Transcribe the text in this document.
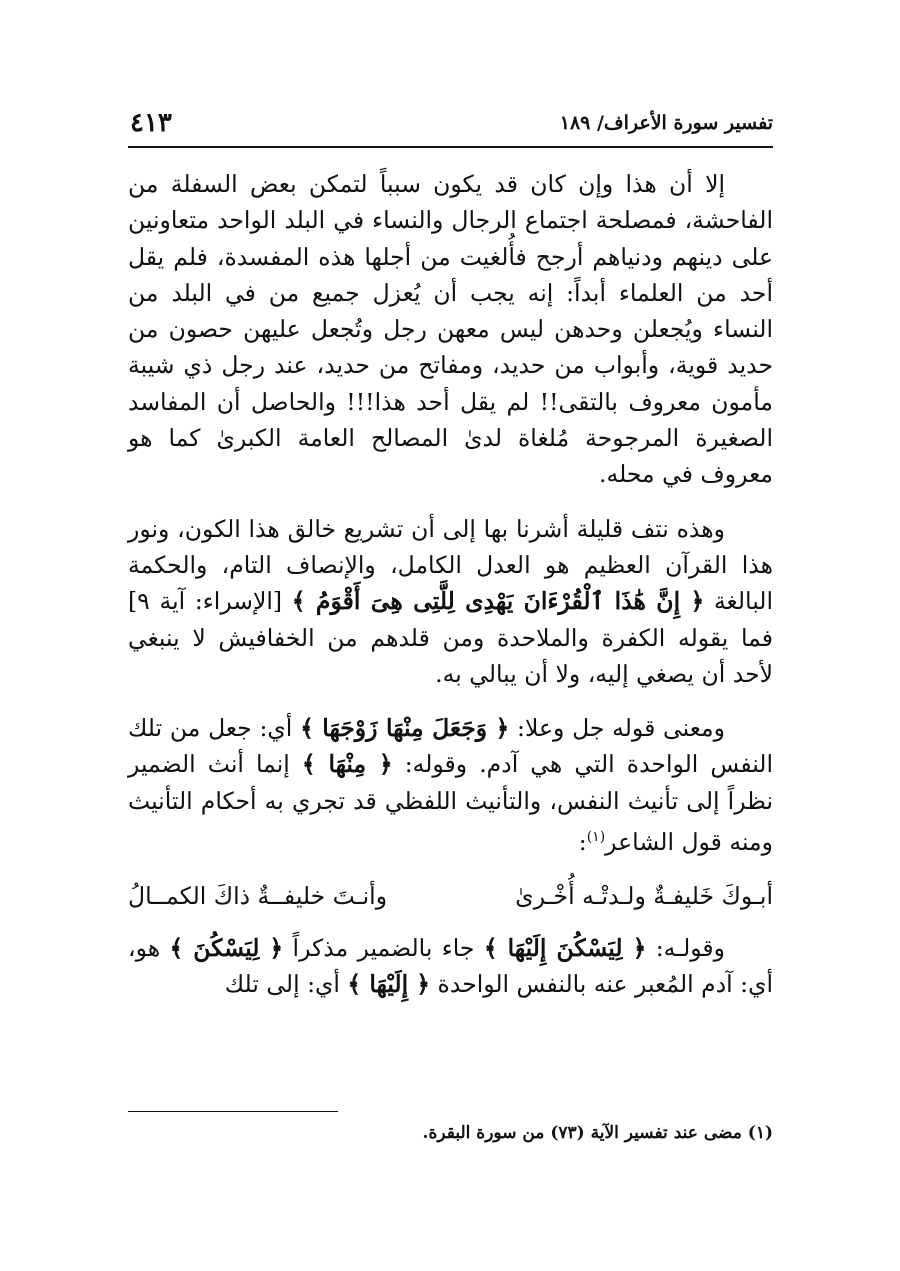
تفسير سورة الأعراف/ ١٨٩
٤١٣

إلا أن هذا وإن كان قد يكون سبباً لتمكن بعض السفلة من الفاحشة، فمصلحة اجتماع الرجال والنساء في البلد الواحد متعاونين على دينهم ودنياهم أرجح فأُلغيت من أجلها هذه المفسدة، فلم يقل أحد من العلماء أبداً: إنه يجب أن يُعزل جميع من في البلد من النساء ويُجعلن وحدهن ليس معهن رجل وتُجعل عليهن حصون من حديد قوية، وأبواب من حديد، ومفاتح من حديد، عند رجل ذي شيبة مأمون معروف بالتقى!! لم يقل أحد هذا!!! والحاصل أن المفاسد الصغيرة المرجوحة مُلغاة لدىٰ المصالح العامة الكبرىٰ كما هو معروف في محله.

وهذه نتف قليلة أشرنا بها إلى أن تشريع خالق هذا الكون، ونور هذا القرآن العظيم هو العدل الكامل، والإنصاف التام، والحكمة البالغة ﴿ إِنَّ هَٰذَا ٱلْقُرْءَانَ يَهْدِى لِلَّتِى هِىَ أَقْوَمُ ﴾ [الإسراء: آية ٩] فما يقوله الكفرة والملاحدة ومن قلدهم من الخفافيش لا ينبغي لأحد أن يصغي إليه، ولا أن يبالي به.

ومعنى قوله جل وعلا: ﴿ وَجَعَلَ مِنْهَا زَوْجَهَا ﴾ أي: جعل من تلك النفس الواحدة التي هي آدم. وقوله: ﴿ مِنْهَا ﴾ إنما أنث الضمير نظراً إلى تأنيث النفس، والتأنيث اللفظي قد تجري به أحكام التأنيث ومنه قول الشاعر$^{(١)}$:

أبـوكَ خَليفـةٌ ولـدتْـه أُخْـرىٰ
وأنـتَ خليفــةٌ ذاكَ الكمــالُ

وقولـه: ﴿ لِيَسْكُنَ إِلَيْهَا ﴾ جاء بالضمير مذكراً ﴿ لِيَسْكُنَ ﴾ هو، أي: آدم المُعبر عنه بالنفس الواحدة ﴿ إِلَيْهَا ﴾ أي: إلى تلك

(١) مضى عند تفسير الآية (٧٣) من سورة البقرة.
